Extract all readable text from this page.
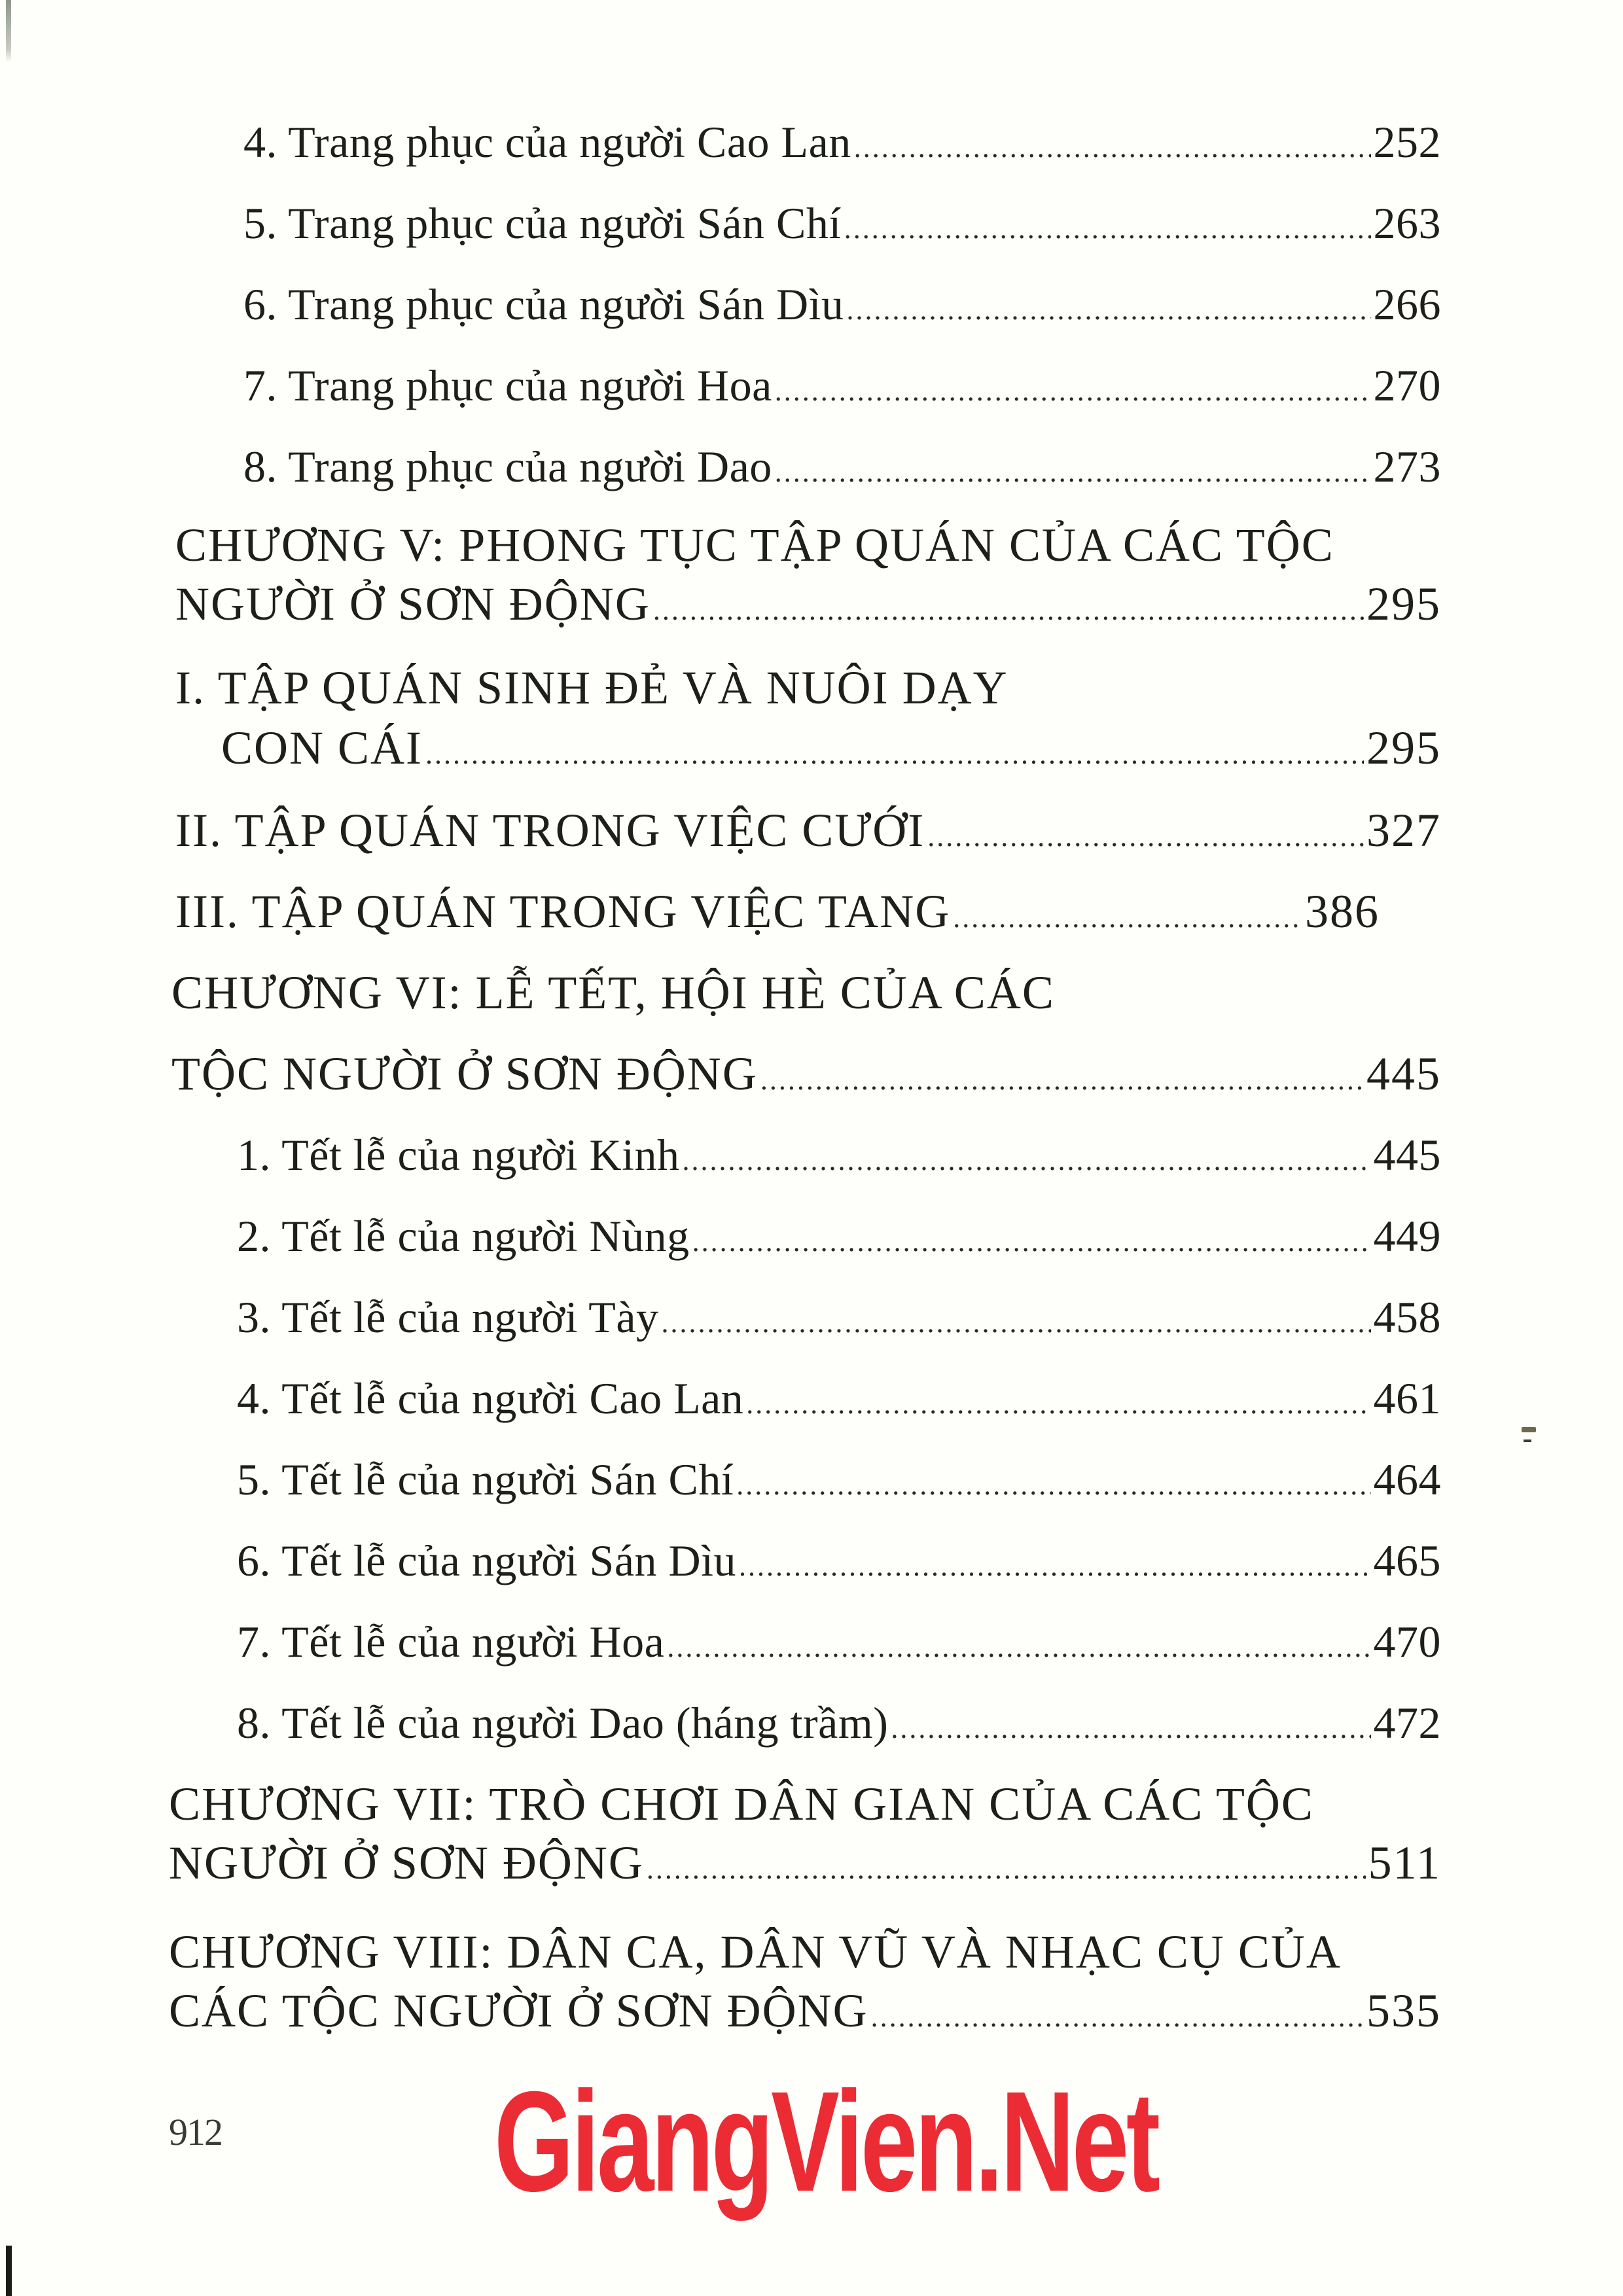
4. Trang phục của người Cao Lan .....	252
5. Trang phục của người Sán Chí .....	263
6. Trang phục của người Sán Dìu .....	266
7. Trang phục của người Hoa .....	270
8. Trang phục của người Dao .....	273
CHƯƠNG V: PHONG TỤC TẬP QUÁN CỦA CÁC TỘC
NGƯỜI Ở SƠN ĐỘNG .....	295
I. TẬP QUÁN SINH ĐẺ VÀ NUÔI DẠY
CON CÁI .....	295
II. TẬP QUÁN TRONG VIỆC CƯỚI .....	327
III. TẬP QUÁN TRONG VIỆC TANG .....	386
CHƯƠNG VI: LỄ TẾT, HỘI HÈ CỦA CÁC
TỘC NGƯỜI Ở SƠN ĐỘNG .....	445
1. Tết lễ của người Kinh .....	445
2. Tết lễ của người Nùng .....	449
3. Tết lễ của người Tày .....	458
4. Tết lễ của người Cao Lan .....	461
5. Tết lễ của người Sán Chí .....	464
6. Tết lễ của người Sán Dìu .....	465
7. Tết lễ của người Hoa .....	470
8. Tết lễ của người Dao (háng trầm) .....	472
CHƯƠNG VII: TRÒ CHƠI DÂN GIAN CỦA CÁC TỘC
NGƯỜI Ở SƠN ĐỘNG .....	511
CHƯƠNG VIII: DÂN CA, DÂN VŨ VÀ NHẠC CỤ CỦA
CÁC TỘC NGƯỜI Ở SƠN ĐỘNG .....	535
912 GiangVien.Net
